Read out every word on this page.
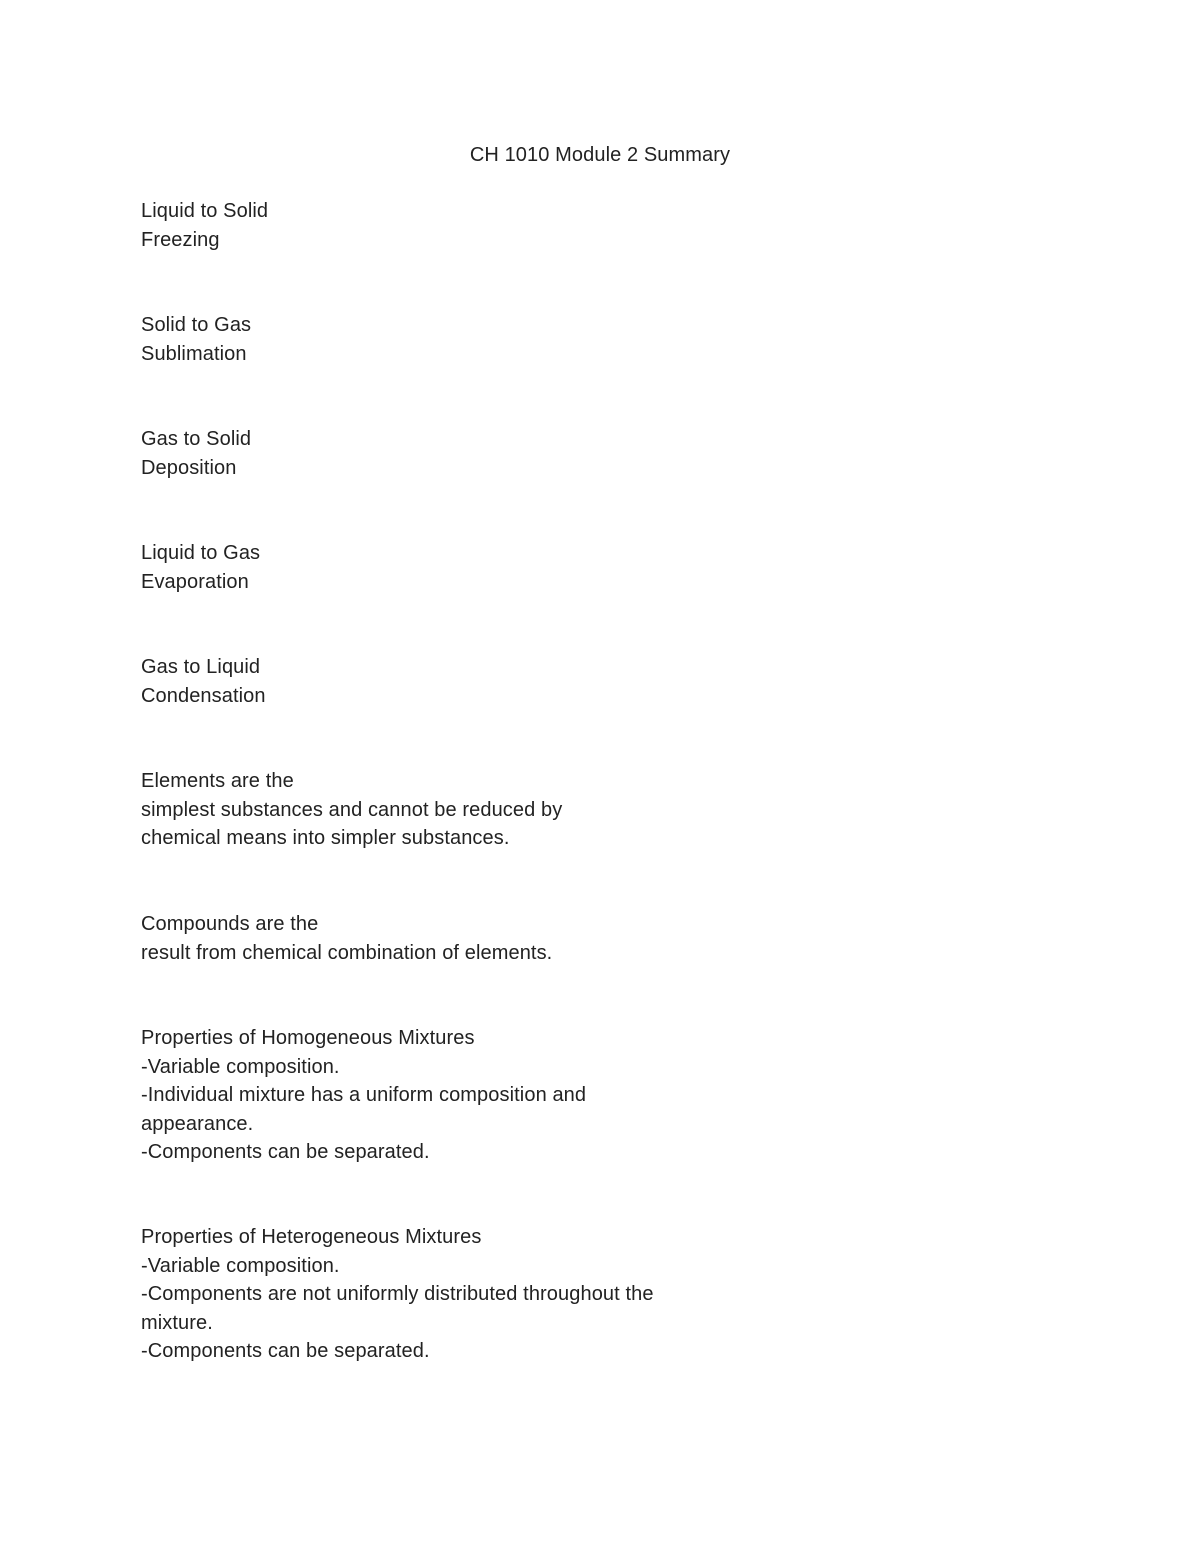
CH 1010 Module 2 Summary
Liquid to Solid
Freezing
Solid to Gas
Sublimation
Gas to Solid
Deposition
Liquid to Gas
Evaporation
Gas to Liquid
Condensation
Elements are the
simplest substances and cannot be reduced by
chemical means into simpler substances.
Compounds are the
result from chemical combination of elements.
Properties of Homogeneous Mixtures
-Variable composition.
-Individual mixture has a uniform composition and
appearance.
-Components can be separated.
Properties of Heterogeneous Mixtures
-Variable composition.
-Components are not uniformly distributed throughout the
mixture.
-Components can be separated.
